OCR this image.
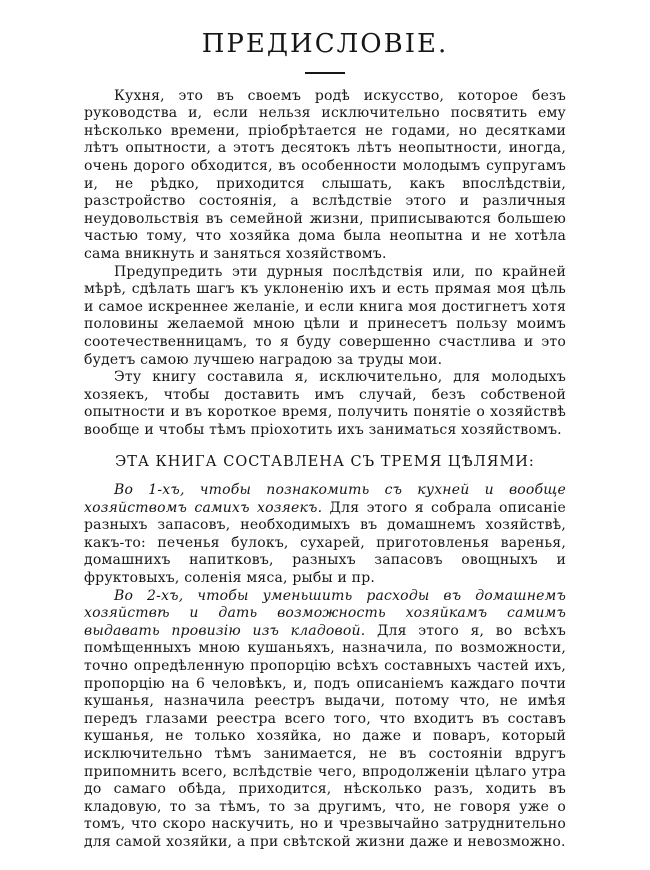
ПРЕДИСЛОВІЕ.

Кухня, это въ своемъ родѣ искусство, которое безъ руководства и, если нельзя исключительно посвятить ему нѣсколько времени, пріобрѣтается не годами, но десятками лѣтъ опытности, а этотъ десятокъ лѣтъ неопытности, иногда, очень дорого обходится, въ особенности молодымъ супругамъ и, не рѣдко, приходится слышать, какъ впослѣдствіи, разстройство состоянія, а вслѣдствіе этого и различныя неудовольствія въ семейной жизни, приписываются большею частью тому, что хозяйка дома была неопытна и не хотѣла сама вникнуть и заняться хозяйствомъ.

Предупредить эти дурныя послѣдствія или, по крайней мѣрѣ, сдѣлать шагъ къ уклоненію ихъ и есть прямая моя цѣль и самое искреннее желаніе, и если книга моя достигнетъ хотя половины желаемой мною цѣли и принесетъ пользу моимъ соотечественницамъ, то я буду совершенно счастлива и это будетъ самою лучшею наградою за труды мои.

Эту книгу составила я, исключительно, для молодыхъ хозяекъ, чтобы доставить имъ случай, безъ собственой опытности и въ короткое время, получить понятіе о хозяйствѣ вообще и чтобы тѣмъ пріохотить ихъ заниматься хозяйствомъ.

ЭТА КНИГА СОСТАВЛЕНА СЪ ТРЕМЯ ЦѢЛЯМИ:

Во 1-хъ, чтобы познакомить съ кухней и вообще хозяйствомъ самихъ хозяекъ. Для этого я собрала описаніе разныхъ запасовъ, необходимыхъ въ домашнемъ хозяйствѣ, какъ-то: печенья булокъ, сухарей, приготовленья варенья, домашнихъ напитковъ, разныхъ запасовъ овощныхъ и фруктовыхъ, соленія мяса, рыбы и пр.

Во 2-хъ, чтобы уменьшить расходы въ домашнемъ хозяйствѣ и дать возможность хозяйкамъ самимъ выдавать провизію изъ кладовой. Для этого я, во всѣхъ помѣщенныхъ мною кушаньяхъ, назначила, по возможности, точно опредѣленную пропорцію всѣхъ составныхъ частей ихъ, пропорцію на 6 человѣкъ, и, подъ описаніемъ каждаго почти кушанья, назначила реестръ выдачи, потому что, не имѣя передъ глазами реестра всего того, что входитъ въ составъ кушанья, не только хозяйка, но даже и поваръ, который исключительно тѣмъ занимается, не въ состояніи вдругъ припомнить всего, вслѣдствіе чего, впродолженіи цѣлаго утра до самаго обѣда, приходится, нѣсколько разъ, ходить въ кладовую, то за тѣмъ, то за другимъ, что, не говоря уже о томъ, что скоро наскучить, но и чрезвычайно затруднительно для самой хозяйки, а при свѣтской жизни даже и невозможно.
